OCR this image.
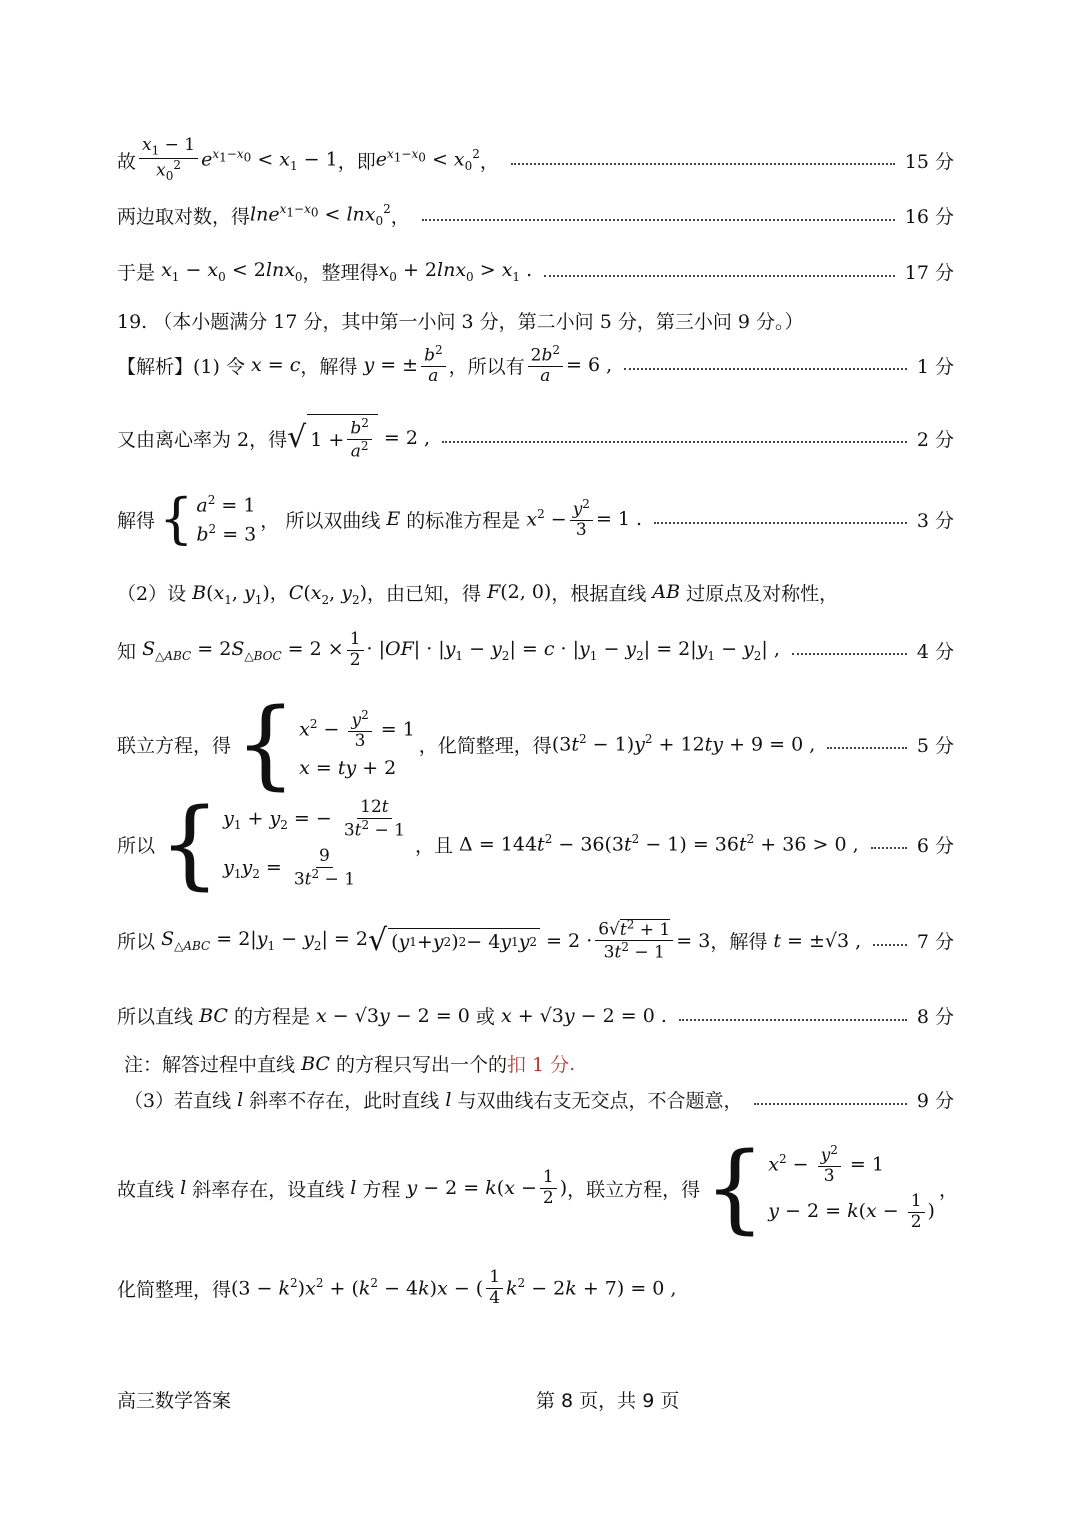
故 $\frac{x_1 - 1}{x_0^2} e^{x_1-x_0} < x_1 - 1$ ，即 $e^{x_1-x_0} < x_0^2$ ，	15 分
两边取对数，得 lne$^{x_1-x_0}$ < lnx$_0^2$ ，	16 分
于是 $x_1 - x_0 < 2\ln x_0$ ，整理得 $x_0 + 2\ln x_0 > x_1$ .	17 分
19. （本小题满分 17 分，其中第一小问 3 分，第二小问 5 分，第三小问 9 分。）
【解析】(1) 令 x = c ，解得 y = ± $\frac{b^2}{a}$ ，所以有 $\frac{2b^2}{a} = 6$ ,	1 分
又由离心率为 2，得 √ $1 + \frac{b^2}{a^2} = 2$ ,	2 分
解得 { $a^2 = 1$
$b^2 = 3$
， 所以双曲线 E 的标准方程是 $x^2 - \frac{y^2}{3} = 1$ .	3 分
（2）设 $B(x_1$, $y_1$)，$C(x_2$, $y_2$) ，由已知，得 F(2, 0) ，根据直线 AB 过原点及对称性，
知 $S_{\triangle ABC} = 2S_{\triangle BOC} = 2 \times \frac{1}{2} \cdot |OF| \cdot |y_1 - y_2| = c \cdot |y_1 - y_2| = 2|y_1 - y_2|$ ,	4 分
联立方程，得 { $x^2 - \frac{y^2}{3} = 1$
x = ty + 2
，化简整理，得 $(3t^2 - 1)y^2 + 12ty + 9 = 0$ ,	5 分
所以 { $y_1 + y_2$ = − $\frac{12t}{3t^2 - 1}$
$y_1y_2 = \frac{9}{3t^2 - 1}$
，且 $\Delta = 144t^2 - 36(3t^2 - 1) = 36t^2 + 36 > 0$ ,	6 分
所以 $S_{\triangle ABC} = 2|y_1 - y_2| = 2$ √ ( y 1 + y 2 ) 2 − 4 y 1 y $2 = 2 \cdot \frac{6√t^2 + 1}{3t^2 - 1} = 3$ ，解得 t = ±√3 ,	7 分
所以直线 BC 的方程是 x − √3y − 2 = 0 或 x + √3y − 2 = 0 .	8 分
注：解答过程中直线 BC 的方程只写出一个的 扣 1 分 .
（3）若直线 l 斜率不存在，此时直线 l 与双曲线右支无交点，不合题意，	9 分
故直线 l 斜率存在，设直线 l 方程 $y - 2 = k(x - \frac{1}{2}$ ) ，联立方程，得 { $x^2 - \frac{y^2}{3} = 1$
$y - 2 = k(x - \frac{1}{2}$ )
，
化简整理，得 $(3 - k^2)x^2 + (k^2 - 4k)x$ − ( $\frac{1}{4} k^2 - 2k + 7) = 0$ ,
高三数学答案	第 8 页，共 9 页
